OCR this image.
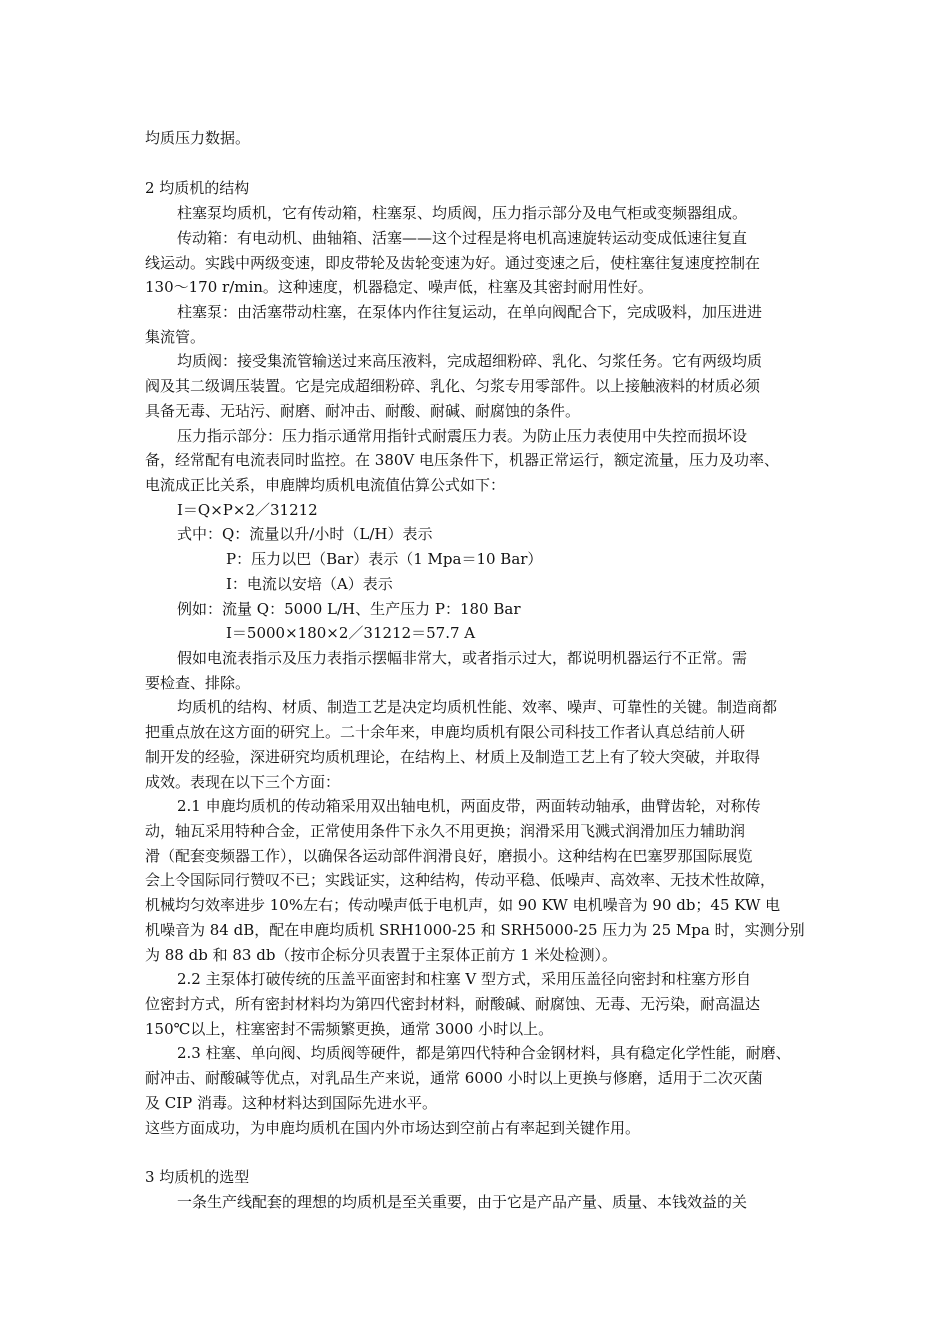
均质压力数据。
2 均质机的结构
柱塞泵均质机，它有传动箱，柱塞泵、均质阀，压力指示部分及电气柜或变频器组成。
传动箱：有电动机、曲轴箱、活塞——这个过程是将电机高速旋转运动变成低速往复直
线运动。实践中两级变速，即皮带轮及齿轮变速为好。通过变速之后，使柱塞往复速度控制在
130～170 r/min。这种速度，机器稳定、噪声低，柱塞及其密封耐用性好。
柱塞泵：由活塞带动柱塞，在泵体内作往复运动，在单向阀配合下，完成吸料，加压进进
集流管。
均质阀：接受集流管输送过来高压液料，完成超细粉碎、乳化、匀浆任务。它有两级均质
阀及其二级调压装置。它是完成超细粉碎、乳化、匀浆专用零部件。以上接触液料的材质必须
具备无毒、无玷污、耐磨、耐冲击、耐酸、耐碱、耐腐蚀的条件。
压力指示部分：压力指示通常用指针式耐震压力表。为防止压力表使用中失控而损坏设
备，经常配有电流表同时监控。在 380V 电压条件下，机器正常运行，额定流量，压力及功率、
电流成正比关系，申鹿牌均质机电流值估算公式如下：
I＝Q×P×2／31212
式中：Q：流量以升/小时（L/H）表示
P：压力以巴（Bar）表示（1 Mpa＝10 Bar）
I：电流以安培（A）表示
例如：流量 Q：5000 L/H、生产压力 P：180 Bar
I＝5000×180×2／31212＝57.7 A
假如电流表指示及压力表指示摆幅非常大，或者指示过大，都说明机器运行不正常。需
要检查、排除。
均质机的结构、材质、制造工艺是决定均质机性能、效率、噪声、可靠性的关键。制造商都
把重点放在这方面的研究上。二十余年来，申鹿均质机有限公司科技工作者认真总结前人研
制开发的经验，深进研究均质机理论，在结构上、材质上及制造工艺上有了较大突破，并取得
成效。表现在以下三个方面：
2.1 申鹿均质机的传动箱采用双出轴电机，两面皮带，两面转动轴承，曲臂齿轮，对称传
动，轴瓦采用特种合金，正常使用条件下永久不用更换；润滑采用飞溅式润滑加压力辅助润
滑（配套变频器工作），以确保各运动部件润滑良好，磨损小。这种结构在巴塞罗那国际展览
会上令国际同行赞叹不已；实践证实，这种结构，传动平稳、低噪声、高效率、无技术性故障，
机械均匀效率进步 10%左右；传动噪声低于电机声，如 90 KW 电机噪音为 90 db；45 KW 电
机噪音为 84 dB，配在申鹿均质机 SRH1000-25 和 SRH5000-25 压力为 25 Mpa 时，实测分别
为 88 db 和 83 db（按市企标分贝表置于主泵体正前方 1 米处检测）。
2.2 主泵体打破传统的压盖平面密封和柱塞 V 型方式，采用压盖径向密封和柱塞方形自
位密封方式，所有密封材料均为第四代密封材料，耐酸碱、耐腐蚀、无毒、无污染，耐高温达
150℃以上，柱塞密封不需频繁更换，通常 3000 小时以上。
2.3 柱塞、单向阀、均质阀等硬件，都是第四代特种合金钢材料，具有稳定化学性能，耐磨、
耐冲击、耐酸碱等优点，对乳品生产来说，通常 6000 小时以上更换与修磨，适用于二次灭菌
及 CIP 消毒。这种材料达到国际先进水平。
这些方面成功，为申鹿均质机在国内外市场达到空前占有率起到关键作用。
3 均质机的选型
一条生产线配套的理想的均质机是至关重要，由于它是产品产量、质量、本钱效益的关
